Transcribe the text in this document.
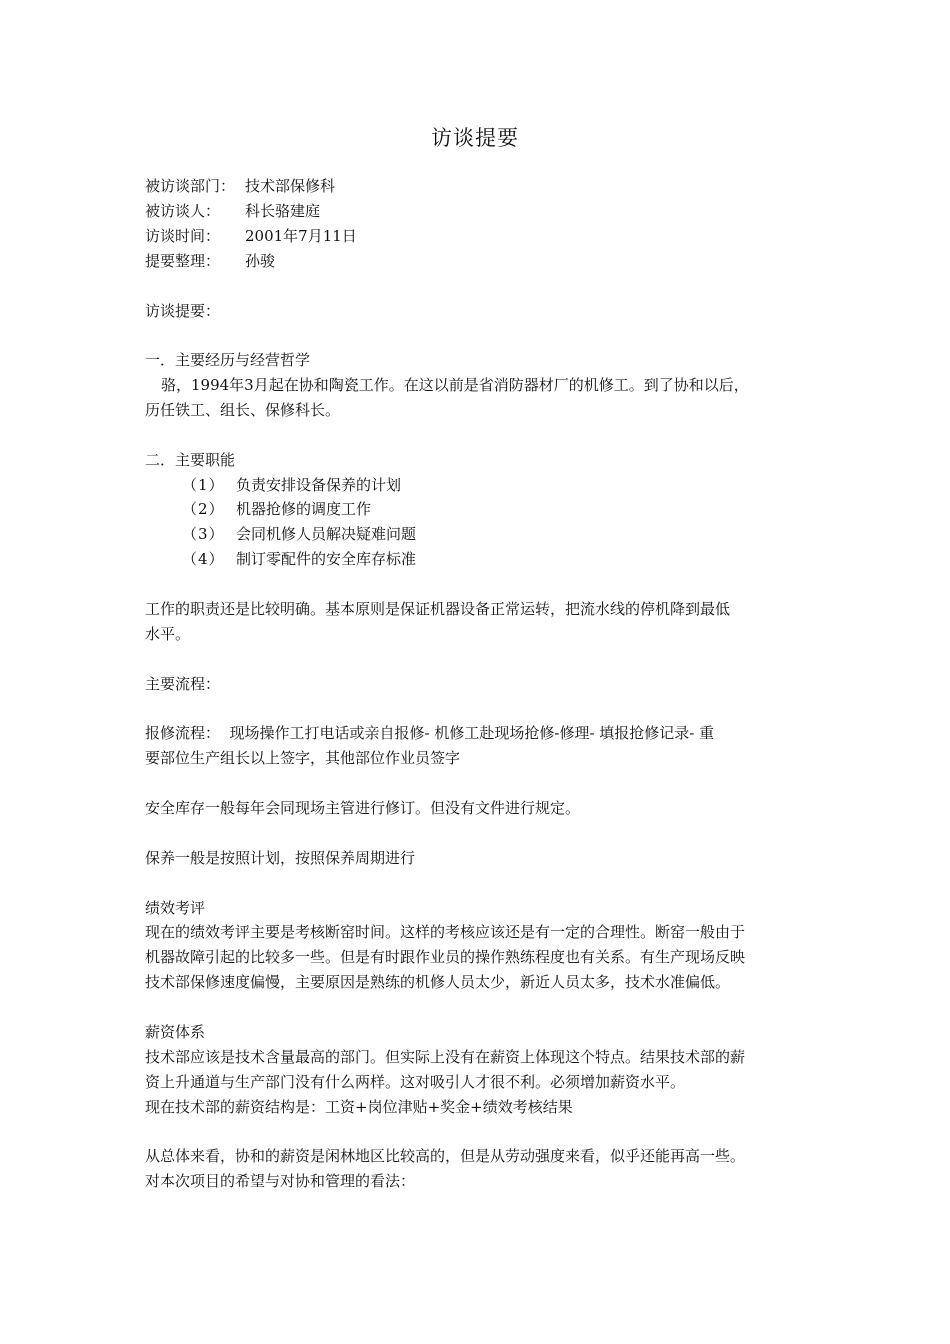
访谈提要
被访谈部门： 技术部保修科
被访谈人： 科长骆建庭
访谈时间： 2001年7月11日
提要整理： 孙骏
访谈提要：
一．主要经历与经营哲学
骆，1994年3月起在协和陶瓷工作。在这以前是省消防器材厂的机修工。到了协和以后，
历任铁工、组长、保修科长。
二．主要职能
（1） 负责安排设备保养的计划
（2） 机器抢修的调度工作
（3） 会同机修人员解决疑难问题
（4） 制订零配件的安全库存标准
工作的职责还是比较明确。基本原则是保证机器设备正常运转，把流水线的停机降到最低
水平。
主要流程：
报修流程：  现场操作工打电话或亲自报修- 机修工赴现场抢修-修理- 填报抢修记录- 重
要部位生产组长以上签字，其他部位作业员签字
安全库存一般每年会同现场主管进行修订。但没有文件进行规定。
保养一般是按照计划，按照保养周期进行
绩效考评
现在的绩效考评主要是考核断窑时间。这样的考核应该还是有一定的合理性。断窑一般由于
机器故障引起的比较多一些。但是有时跟作业员的操作熟练程度也有关系。有生产现场反映
技术部保修速度偏慢，主要原因是熟练的机修人员太少，新近人员太多，技术水准偏低。
薪资体系
技术部应该是技术含量最高的部门。但实际上没有在薪资上体现这个特点。结果技术部的薪
资上升通道与生产部门没有什么两样。这对吸引人才很不利。必须增加薪资水平。
现在技术部的薪资结构是：工资+岗位津贴+奖金+绩效考核结果
从总体来看，协和的薪资是闲林地区比较高的，但是从劳动强度来看，似乎还能再高一些。
对本次项目的希望与对协和管理的看法：
